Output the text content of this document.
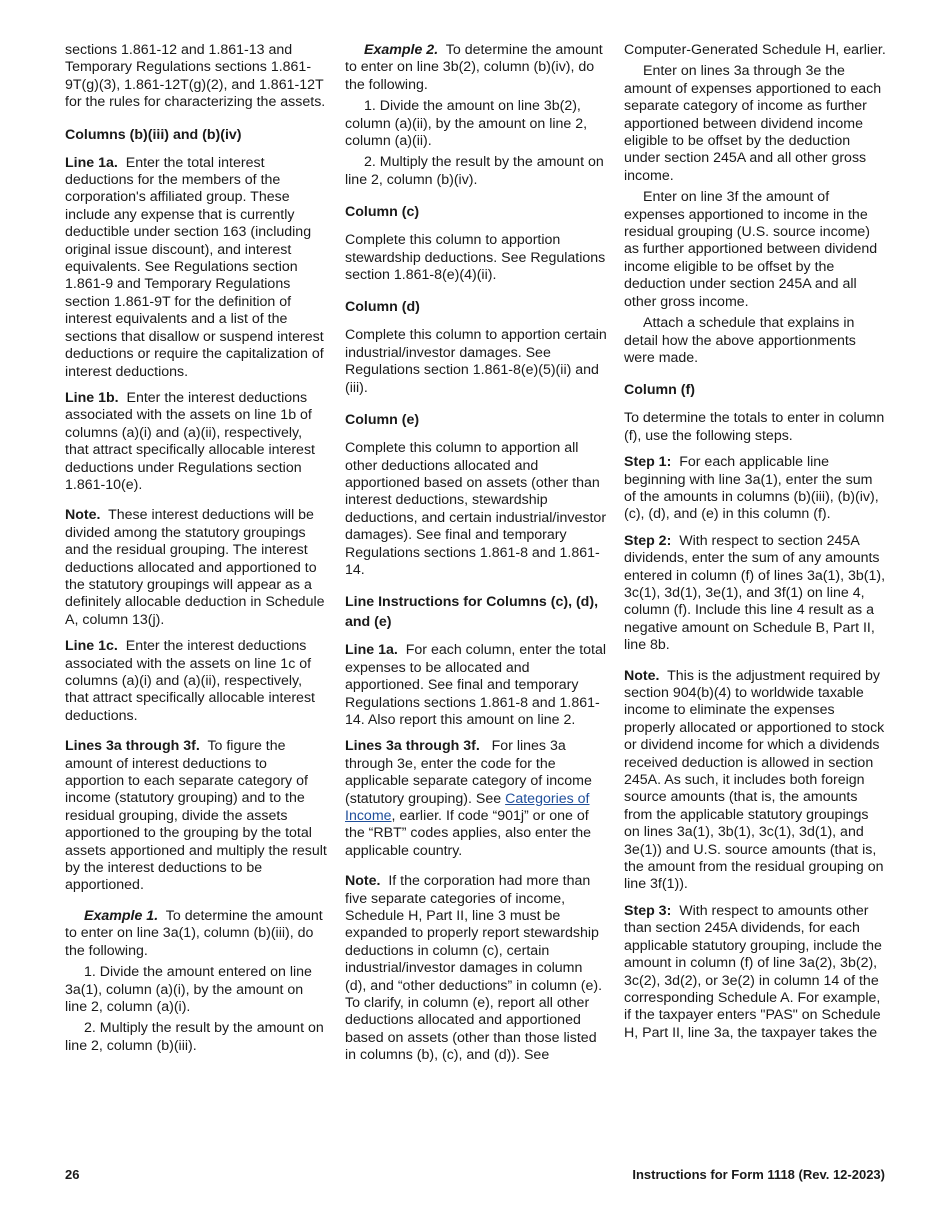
sections 1.861-12 and 1.861-13 and Temporary Regulations sections 1.861-9T(g)(3), 1.861-12T(g)(2), and 1.861-12T for the rules for characterizing the assets.

Columns (b)(iii) and (b)(iv)

Line 1a. Enter the total interest deductions for the members of the corporation's affiliated group. These include any expense that is currently deductible under section 163 (including original issue discount), and interest equivalents. See Regulations section 1.861-9 and Temporary Regulations section 1.861-9T for the definition of interest equivalents and a list of the sections that disallow or suspend interest deductions or require the capitalization of interest deductions.

Line 1b. Enter the interest deductions associated with the assets on line 1b of columns (a)(i) and (a)(ii), respectively, that attract specifically allocable interest deductions under Regulations section 1.861-10(e).

Note. These interest deductions will be divided among the statutory groupings and the residual grouping. The interest deductions allocated and apportioned to the statutory groupings will appear as a definitely allocable deduction in Schedule A, column 13(j).

Line 1c. Enter the interest deductions associated with the assets on line 1c of columns (a)(i) and (a)(ii), respectively, that attract specifically allocable interest deductions.

Lines 3a through 3f. To figure the amount of interest deductions to apportion to each separate category of income (statutory grouping) and to the residual grouping, divide the assets apportioned to the grouping by the total assets apportioned and multiply the result by the interest deductions to be apportioned.

Example 1. To determine the amount to enter on line 3a(1), column (b)(iii), do the following.

1. Divide the amount entered on line 3a(1), column (a)(i), by the amount on line 2, column (a)(i).

2. Multiply the result by the amount on line 2, column (b)(iii).

Example 2. To determine the amount to enter on line 3b(2), column (b)(iv), do the following.

1. Divide the amount on line 3b(2), column (a)(ii), by the amount on line 2, column (a)(ii).

2. Multiply the result by the amount on line 2, column (b)(iv).

Column (c)

Complete this column to apportion stewardship deductions. See Regulations section 1.861-8(e)(4)(ii).

Column (d)

Complete this column to apportion certain industrial/investor damages. See Regulations section 1.861-8(e)(5)(ii) and (iii).

Column (e)

Complete this column to apportion all other deductions allocated and apportioned based on assets (other than interest deductions, stewardship deductions, and certain industrial/investor damages). See final and temporary Regulations sections 1.861-8 and 1.861-14.

Line Instructions for Columns (c), (d), and (e)

Line 1a. For each column, enter the total expenses to be allocated and apportioned. See final and temporary Regulations sections 1.861-8 and 1.861-14. Also report this amount on line 2.

Lines 3a through 3f. For lines 3a through 3e, enter the code for the applicable separate category of income (statutory grouping). See Categories of Income, earlier. If code “901j” or one of the “RBT” codes applies, also enter the applicable country.

Note. If the corporation had more than five separate categories of income, Schedule H, Part II, line 3 must be expanded to properly report stewardship deductions in column (c), certain industrial/investor damages in column (d), and “other deductions” in column (e). To clarify, in column (e), report all other deductions allocated and apportioned based on assets (other than those listed in columns (b), (c), and (d)). See

Computer-Generated Schedule H, earlier.

Enter on lines 3a through 3e the amount of expenses apportioned to each separate category of income as further apportioned between dividend income eligible to be offset by the deduction under section 245A and all other gross income.

Enter on line 3f the amount of expenses apportioned to income in the residual grouping (U.S. source income) as further apportioned between dividend income eligible to be offset by the deduction under section 245A and all other gross income.

Attach a schedule that explains in detail how the above apportionments were made.

Column (f)

To determine the totals to enter in column (f), use the following steps.

Step 1: For each applicable line beginning with line 3a(1), enter the sum of the amounts in columns (b)(iii), (b)(iv), (c), (d), and (e) in this column (f).

Step 2: With respect to section 245A dividends, enter the sum of any amounts entered in column (f) of lines 3a(1), 3b(1), 3c(1), 3d(1), 3e(1), and 3f(1) on line 4, column (f). Include this line 4 result as a negative amount on Schedule B, Part II, line 8b.

Note. This is the adjustment required by section 904(b)(4) to worldwide taxable income to eliminate the expenses properly allocated or apportioned to stock or dividend income for which a dividends received deduction is allowed in section 245A. As such, it includes both foreign source amounts (that is, the amounts from the applicable statutory groupings on lines 3a(1), 3b(1), 3c(1), 3d(1), and 3e(1)) and U.S. source amounts (that is, the amount from the residual grouping on line 3f(1)).

Step 3: With respect to amounts other than section 245A dividends, for each applicable statutory grouping, include the amount in column (f) of line 3a(2), 3b(2), 3c(2), 3d(2), or 3e(2) in column 14 of the corresponding Schedule A. For example, if the taxpayer enters "PAS" on Schedule H, Part II, line 3a, the taxpayer takes the

26	Instructions for Form 1118 (Rev. 12-2023)
